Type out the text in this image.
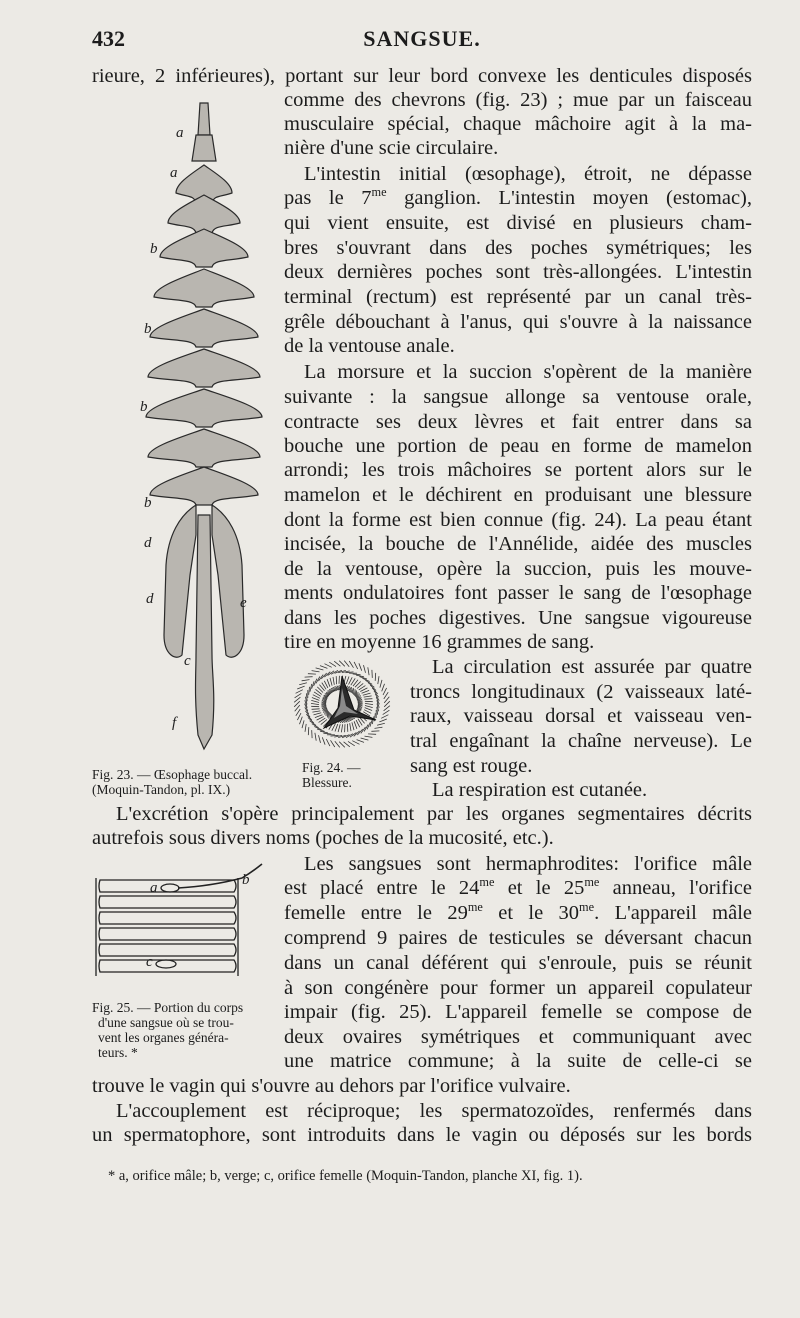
432	SANGSUE.
rieure, 2 inférieures), portant sur leur bord convexe les denticules disposés
comme des chevrons (fig. 23) ; mue par un faisceau
musculaire spécial, chaque mâchoire agit à la ma-
nière d'une scie circulaire.
L'intestin initial (œsophage), étroit, ne dépasse
pas le $7^{me}$ ganglion. L'intestin moyen (estomac),
qui vient ensuite, est divisé en plusieurs cham-
bres s'ouvrant dans des poches symétriques; les
deux dernières poches sont très-allongées. L'intestin
terminal (rectum) est représenté par un canal très-
grêle débouchant à l'anus, qui s'ouvre à la naissance
de la ventouse anale.
La morsure et la succion s'opèrent de la manière
suivante : la sangsue allonge sa ventouse orale,
contracte ses deux lèvres et fait entrer dans sa
bouche une portion de peau en forme de mamelon
arrondi; les trois mâchoires se portent alors sur le
mamelon et le déchirent en produisant une blessure
dont la forme est bien connue (fig. 24). La peau étant
incisée, la bouche de l'Annélide, aidée des muscles
de la ventouse, opère la succion, puis les mouve-
ments ondulatoires font passer le sang de l'œsophage
dans les poches digestives. Une sangsue vigoureuse
tire en moyenne 16 grammes de sang.
La circulation est assurée par quatre
troncs longitudinaux (2 vaisseaux laté-
raux, vaisseau dorsal et vaisseau ven-
tral engaînant la chaîne nerveuse). Le
sang est rouge.
La respiration est cutanée.
L'excrétion s'opère principalement par les organes segmentaires décrits
autrefois sous divers noms (poches de la mucosité, etc.).
Les sangsues sont hermaphrodites: l'orifice mâle
est placé entre le $24^{me}$ et le $25^{me}$ anneau, l'orifice
femelle entre le $29^{me}$ et le $30^{me}$. L'appareil mâle
comprend 9 paires de testicules se déversant chacun
dans un canal déférent qui s'enroule, puis se réunit
à son congénère pour former un appareil copulateur
impair (fig. 25). L'appareil femelle se compose de
deux ovaires symétriques et communiquant avec
une matrice commune; à la suite de celle-ci se
trouve le vagin qui s'ouvre au dehors par l'orifice vulvaire.
L'accouplement est réciproque; les spermatozoïdes, renfermés dans
un spermatophore, sont introduits dans le vagin ou déposés sur les bords
a
a
b
b
b
b
d
d	e
c
f
a	b
c
Fig. 23. — Œsophage buccal.
(Moquin-Tandon, pl. IX.)
Fig. 24. —
Blessure.
Fig. 25. — Portion du corps
d'une sangsue où se trou-
vent les organes généra-
teurs. *
* a, orifice mâle; b, verge; c, orifice femelle (Moquin-Tandon, planche XI, fig. 1).
